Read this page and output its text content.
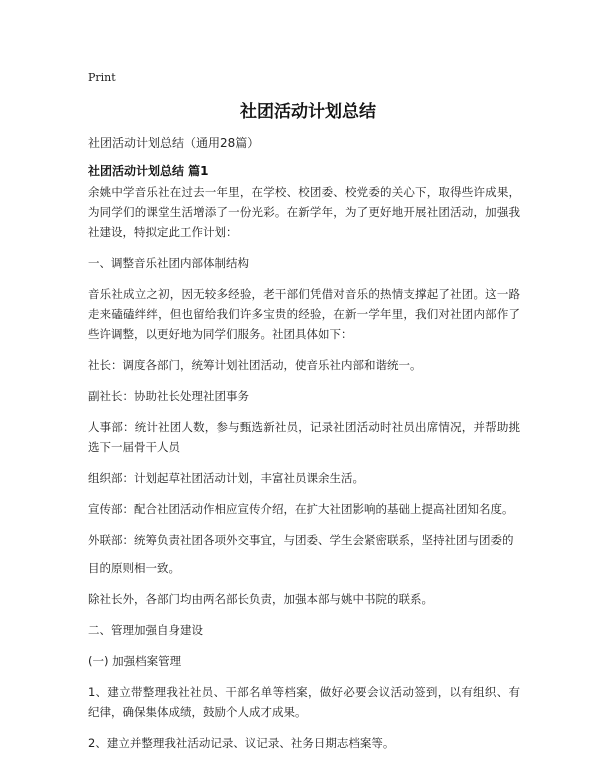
Print
社团活动计划总结
社团活动计划总结（通用28篇）
社团活动计划总结 篇1

余姚中学音乐社在过去一年里，在学校、校团委、校党委的关心下，取得些许成果，为同学们的课堂生活增添了一份光彩。在新学年，为了更好地开展社团活动，加强我社建设，特拟定此工作计划：

一、调整音乐社团内部体制结构

音乐社成立之初，因无较多经验，老干部们凭借对音乐的热情支撑起了社团。这一路走来磕磕绊绊，但也留给我们许多宝贵的经验，在新一学年里，我们对社团内部作了些许调整，以更好地为同学们服务。社团具体如下：

社长：调度各部门，统筹计划社团活动，使音乐社内部和谐统一。

副社长：协助社长处理社团事务

人事部：统计社团人数，参与甄选新社员，记录社团活动时社员出席情况，并帮助挑选下一届骨干人员

组织部：计划起草社团活动计划，丰富社员课余生活。

宣传部：配合社团活动作相应宣传介绍，在扩大社团影响的基础上提高社团知名度。

外联部：统筹负责社团各项外交事宜，与团委、学生会紧密联系，坚持社团与团委的

目的原则相一致。

除社长外，各部门均由两名部长负责，加强本部与姚中书院的联系。

二、管理加强自身建设

(一) 加强档案管理

1、建立带整理我社社员、干部名单等档案，做好必要会议活动签到，以有组织、有纪律，确保集体成绩，鼓励个人成才成果。

2、建立并整理我社活动记录、议记录、社务日期志档案等。
